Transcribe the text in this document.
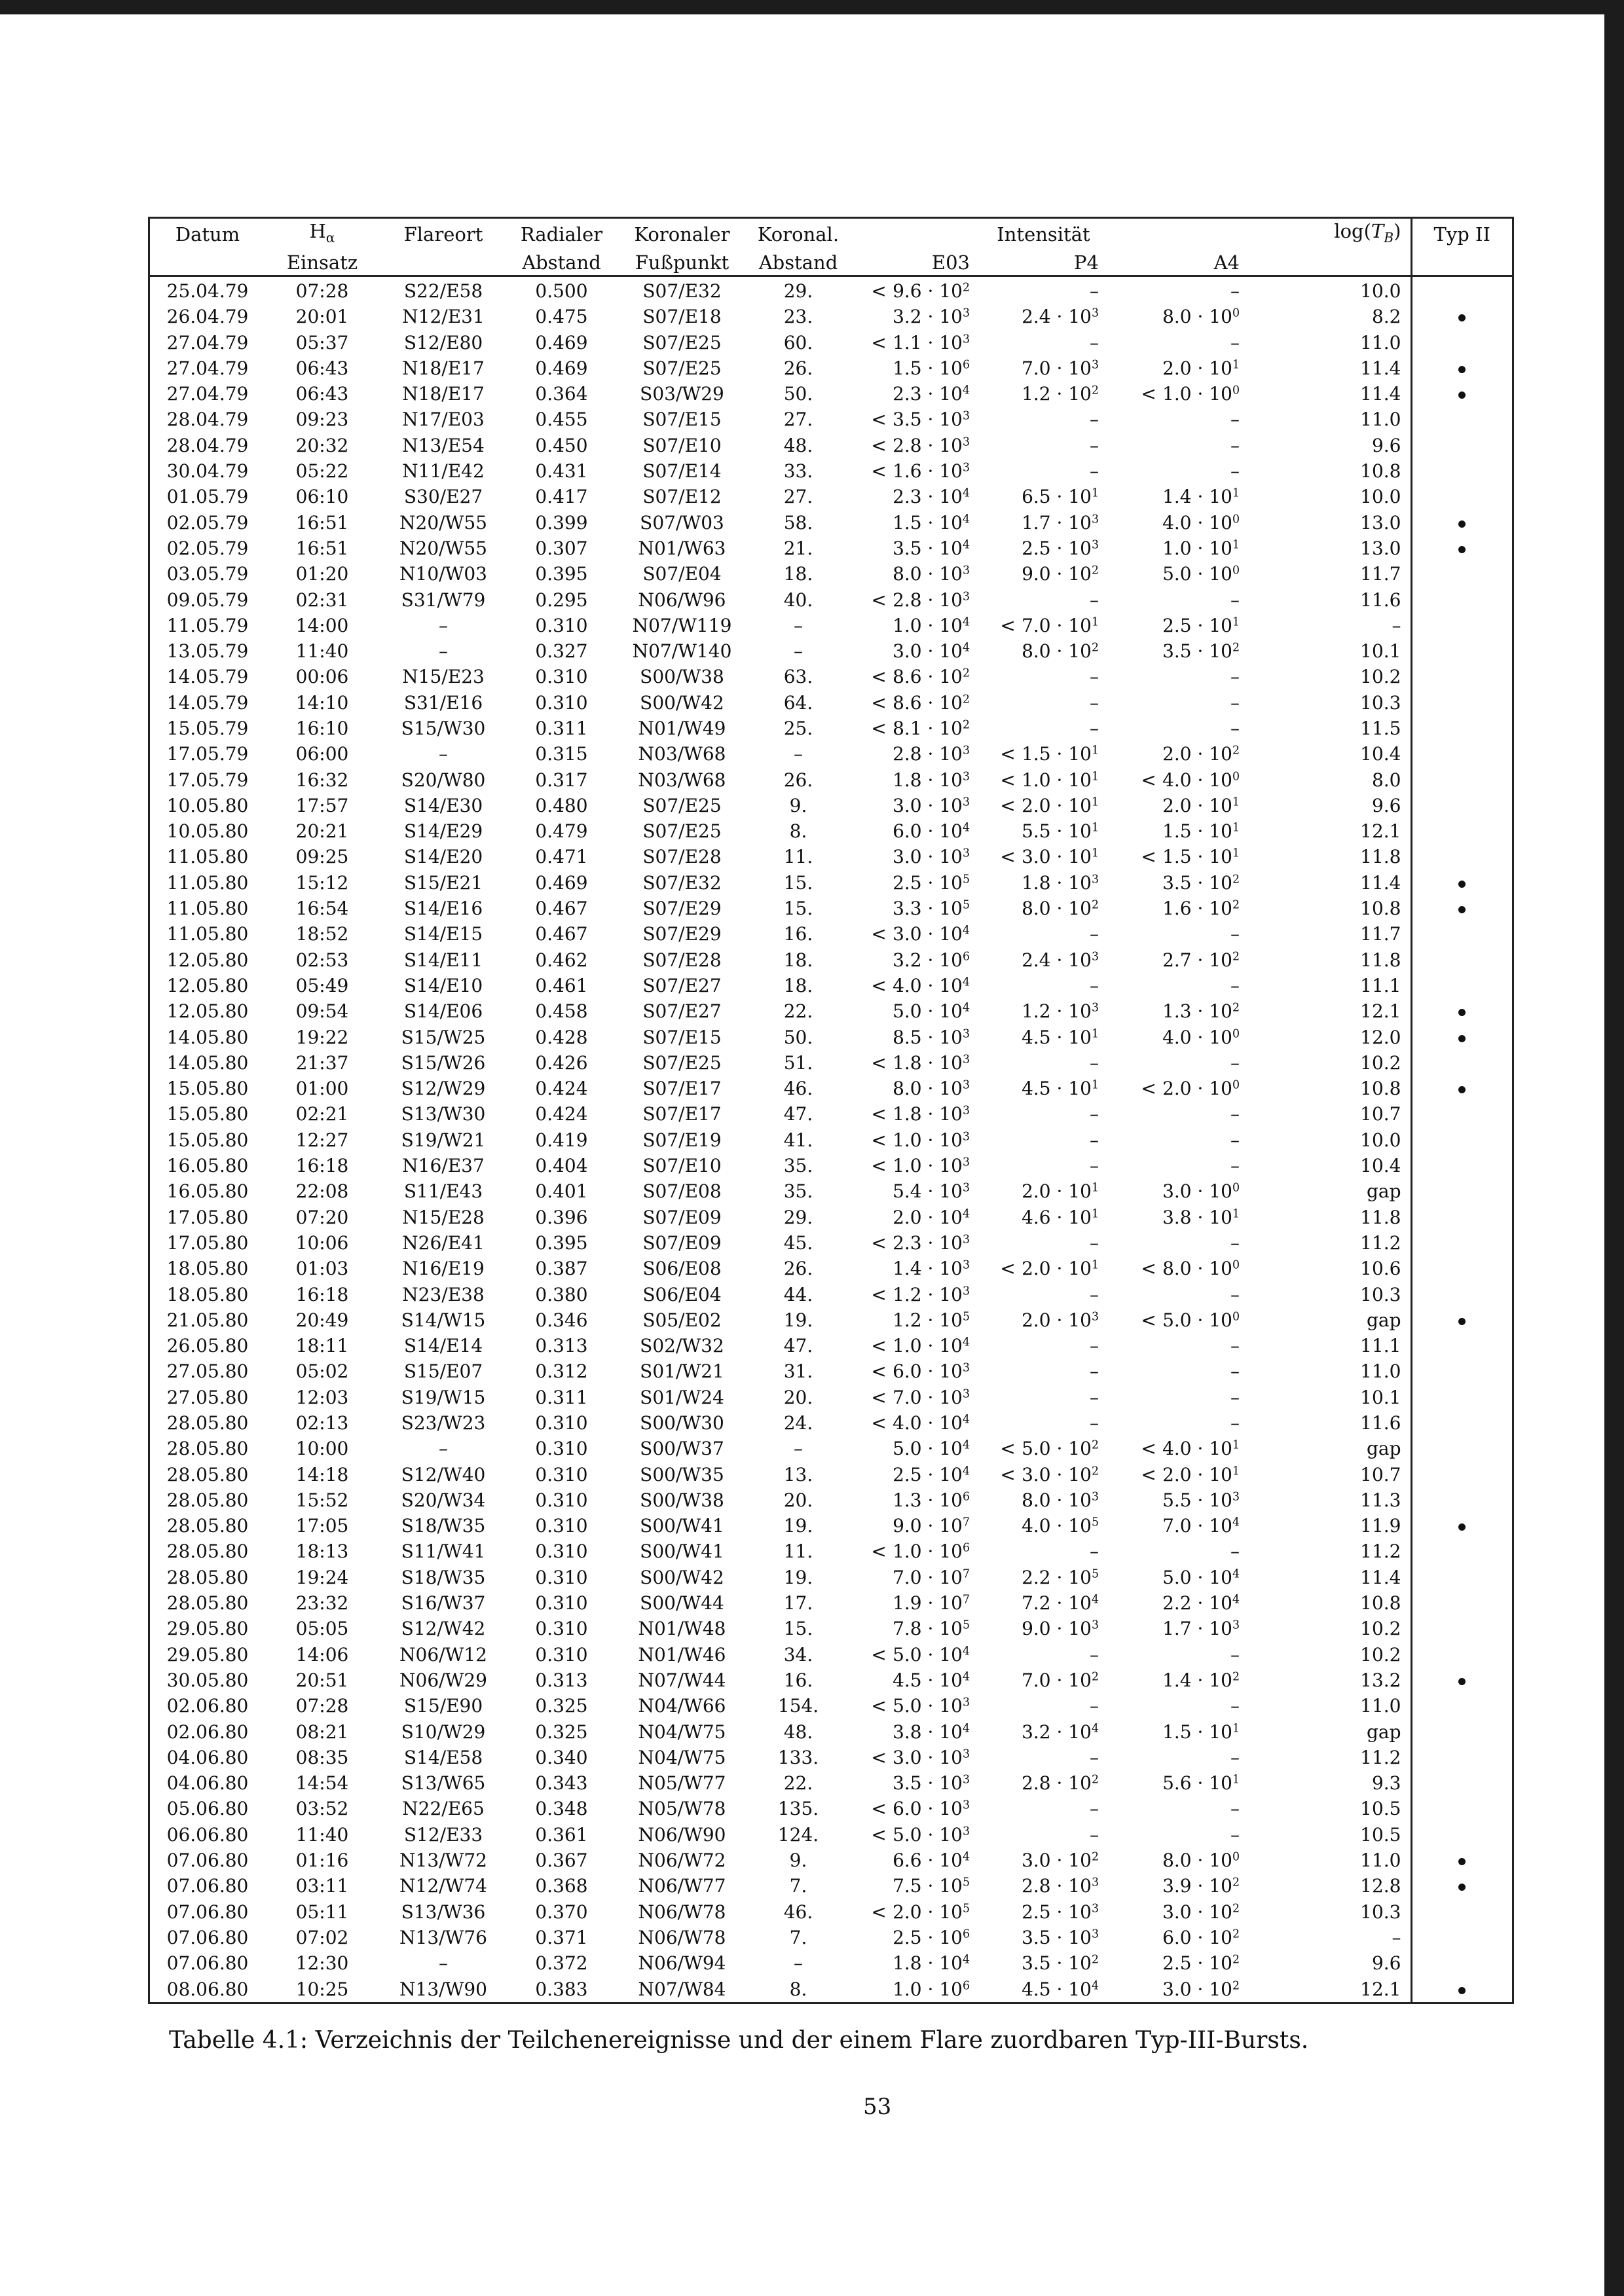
Datum	$H_\alpha$	Flareort	Radialer	Koronaler	Koronal.		Intensität		$\log(T_B)$	Typ II
	Einsatz		Abstand	Fußpunkt	Abstand	E03	P4	A4		
25.04.79	07:28	S22/E58	0.500	S07/E32	29.	< $9.6 \cdot 10^2$	–	–	10.0	
26.04.79	20:01	N12/E31	0.475	S07/E18	23.	$3.2 \cdot 10^3$	$2.4 \cdot 10^3$	$8.0 \cdot 10^0$	8.2	
27.04.79	05:37	S12/E80	0.469	S07/E25	60.	< $1.1 \cdot 10^3$	–	–	11.0	
27.04.79	06:43	N18/E17	0.469	S07/E25	26.	$1.5 \cdot 10^6$	$7.0 \cdot 10^3$	$2.0 \cdot 10^1$	11.4	
27.04.79	06:43	N18/E17	0.364	S03/W29	50.	$2.3 \cdot 10^4$	$1.2 \cdot 10^2$	< $1.0 \cdot 10^0$	11.4	
28.04.79	09:23	N17/E03	0.455	S07/E15	27.	< $3.5 \cdot 10^3$	–	–	11.0	
28.04.79	20:32	N13/E54	0.450	S07/E10	48.	< $2.8 \cdot 10^3$	–	–	9.6	
30.04.79	05:22	N11/E42	0.431	S07/E14	33.	< $1.6 \cdot 10^3$	–	–	10.8	
01.05.79	06:10	S30/E27	0.417	S07/E12	27.	$2.3 \cdot 10^4$	$6.5 \cdot 10^1$	$1.4 \cdot 10^1$	10.0	
02.05.79	16:51	N20/W55	0.399	S07/W03	58.	$1.5 \cdot 10^4$	$1.7 \cdot 10^3$	$4.0 \cdot 10^0$	13.0	
02.05.79	16:51	N20/W55	0.307	N01/W63	21.	$3.5 \cdot 10^4$	$2.5 \cdot 10^3$	$1.0 \cdot 10^1$	13.0	
03.05.79	01:20	N10/W03	0.395	S07/E04	18.	$8.0 \cdot 10^3$	$9.0 \cdot 10^2$	$5.0 \cdot 10^0$	11.7	
09.05.79	02:31	S31/W79	0.295	N06/W96	40.	< $2.8 \cdot 10^3$	–	–	11.6	
11.05.79	14:00	–	0.310	N07/W119	–	$1.0 \cdot 10^4$	< $7.0 \cdot 10^1$	$2.5 \cdot 10^1$	–	
13.05.79	11:40	–	0.327	N07/W140	–	$3.0 \cdot 10^4$	$8.0 \cdot 10^2$	$3.5 \cdot 10^2$	10.1	
14.05.79	00:06	N15/E23	0.310	S00/W38	63.	< $8.6 \cdot 10^2$	–	–	10.2	
14.05.79	14:10	S31/E16	0.310	S00/W42	64.	< $8.6 \cdot 10^2$	–	–	10.3	
15.05.79	16:10	S15/W30	0.311	N01/W49	25.	< $8.1 \cdot 10^2$	–	–	11.5	
17.05.79	06:00	–	0.315	N03/W68	–	$2.8 \cdot 10^3$	< $1.5 \cdot 10^1$	$2.0 \cdot 10^2$	10.4	
17.05.79	16:32	S20/W80	0.317	N03/W68	26.	$1.8 \cdot 10^3$	< $1.0 \cdot 10^1$	< $4.0 \cdot 10^0$	8.0	
10.05.80	17:57	S14/E30	0.480	S07/E25	9.	$3.0 \cdot 10^3$	< $2.0 \cdot 10^1$	$2.0 \cdot 10^1$	9.6	
10.05.80	20:21	S14/E29	0.479	S07/E25	8.	$6.0 \cdot 10^4$	$5.5 \cdot 10^1$	$1.5 \cdot 10^1$	12.1	
11.05.80	09:25	S14/E20	0.471	S07/E28	11.	$3.0 \cdot 10^3$	< $3.0 \cdot 10^1$	< $1.5 \cdot 10^1$	11.8	
11.05.80	15:12	S15/E21	0.469	S07/E32	15.	$2.5 \cdot 10^5$	$1.8 \cdot 10^3$	$3.5 \cdot 10^2$	11.4	
11.05.80	16:54	S14/E16	0.467	S07/E29	15.	$3.3 \cdot 10^5$	$8.0 \cdot 10^2$	$1.6 \cdot 10^2$	10.8	
11.05.80	18:52	S14/E15	0.467	S07/E29	16.	< $3.0 \cdot 10^4$	–	–	11.7	
12.05.80	02:53	S14/E11	0.462	S07/E28	18.	$3.2 \cdot 10^6$	$2.4 \cdot 10^3$	$2.7 \cdot 10^2$	11.8	
12.05.80	05:49	S14/E10	0.461	S07/E27	18.	< $4.0 \cdot 10^4$	–	–	11.1	
12.05.80	09:54	S14/E06	0.458	S07/E27	22.	$5.0 \cdot 10^4$	$1.2 \cdot 10^3$	$1.3 \cdot 10^2$	12.1	
14.05.80	19:22	S15/W25	0.428	S07/E15	50.	$8.5 \cdot 10^3$	$4.5 \cdot 10^1$	$4.0 \cdot 10^0$	12.0	
14.05.80	21:37	S15/W26	0.426	S07/E25	51.	< $1.8 \cdot 10^3$	–	–	10.2	
15.05.80	01:00	S12/W29	0.424	S07/E17	46.	$8.0 \cdot 10^3$	$4.5 \cdot 10^1$	< $2.0 \cdot 10^0$	10.8	
15.05.80	02:21	S13/W30	0.424	S07/E17	47.	< $1.8 \cdot 10^3$	–	–	10.7	
15.05.80	12:27	S19/W21	0.419	S07/E19	41.	< $1.0 \cdot 10^3$	–	–	10.0	
16.05.80	16:18	N16/E37	0.404	S07/E10	35.	< $1.0 \cdot 10^3$	–	–	10.4	
16.05.80	22:08	S11/E43	0.401	S07/E08	35.	$5.4 \cdot 10^3$	$2.0 \cdot 10^1$	$3.0 \cdot 10^0$	gap	
17.05.80	07:20	N15/E28	0.396	S07/E09	29.	$2.0 \cdot 10^4$	$4.6 \cdot 10^1$	$3.8 \cdot 10^1$	11.8	
17.05.80	10:06	N26/E41	0.395	S07/E09	45.	< $2.3 \cdot 10^3$	–	–	11.2	
18.05.80	01:03	N16/E19	0.387	S06/E08	26.	$1.4 \cdot 10^3$	< $2.0 \cdot 10^1$	< $8.0 \cdot 10^0$	10.6	
18.05.80	16:18	N23/E38	0.380	S06/E04	44.	< $1.2 \cdot 10^3$	–	–	10.3	
21.05.80	20:49	S14/W15	0.346	S05/E02	19.	$1.2 \cdot 10^5$	$2.0 \cdot 10^3$	< $5.0 \cdot 10^0$	gap	
26.05.80	18:11	S14/E14	0.313	S02/W32	47.	< $1.0 \cdot 10^4$	–	–	11.1	
27.05.80	05:02	S15/E07	0.312	S01/W21	31.	< $6.0 \cdot 10^3$	–	–	11.0	
27.05.80	12:03	S19/W15	0.311	S01/W24	20.	< $7.0 \cdot 10^3$	–	–	10.1	
28.05.80	02:13	S23/W23	0.310	S00/W30	24.	< $4.0 \cdot 10^4$	–	–	11.6	
28.05.80	10:00	–	0.310	S00/W37	–	$5.0 \cdot 10^4$	< $5.0 \cdot 10^2$	< $4.0 \cdot 10^1$	gap	
28.05.80	14:18	S12/W40	0.310	S00/W35	13.	$2.5 \cdot 10^4$	< $3.0 \cdot 10^2$	< $2.0 \cdot 10^1$	10.7	
28.05.80	15:52	S20/W34	0.310	S00/W38	20.	$1.3 \cdot 10^6$	$8.0 \cdot 10^3$	$5.5 \cdot 10^3$	11.3	
28.05.80	17:05	S18/W35	0.310	S00/W41	19.	$9.0 \cdot 10^7$	$4.0 \cdot 10^5$	$7.0 \cdot 10^4$	11.9	
28.05.80	18:13	S11/W41	0.310	S00/W41	11.	< $1.0 \cdot 10^6$	–	–	11.2	
28.05.80	19:24	S18/W35	0.310	S00/W42	19.	$7.0 \cdot 10^7$	$2.2 \cdot 10^5$	$5.0 \cdot 10^4$	11.4	
28.05.80	23:32	S16/W37	0.310	S00/W44	17.	$1.9 \cdot 10^7$	$7.2 \cdot 10^4$	$2.2 \cdot 10^4$	10.8	
29.05.80	05:05	S12/W42	0.310	N01/W48	15.	$7.8 \cdot 10^5$	$9.0 \cdot 10^3$	$1.7 \cdot 10^3$	10.2	
29.05.80	14:06	N06/W12	0.310	N01/W46	34.	< $5.0 \cdot 10^4$	–	–	10.2	
30.05.80	20:51	N06/W29	0.313	N07/W44	16.	$4.5 \cdot 10^4$	$7.0 \cdot 10^2$	$1.4 \cdot 10^2$	13.2	
02.06.80	07:28	S15/E90	0.325	N04/W66	154.	< $5.0 \cdot 10^3$	–	–	11.0	
02.06.80	08:21	S10/W29	0.325	N04/W75	48.	$3.8 \cdot 10^4$	$3.2 \cdot 10^4$	$1.5 \cdot 10^1$	gap	
04.06.80	08:35	S14/E58	0.340	N04/W75	133.	< $3.0 \cdot 10^3$	–	–	11.2	
04.06.80	14:54	S13/W65	0.343	N05/W77	22.	$3.5 \cdot 10^3$	$2.8 \cdot 10^2$	$5.6 \cdot 10^1$	9.3	
05.06.80	03:52	N22/E65	0.348	N05/W78	135.	< $6.0 \cdot 10^3$	–	–	10.5	
06.06.80	11:40	S12/E33	0.361	N06/W90	124.	< $5.0 \cdot 10^3$	–	–	10.5	
07.06.80	01:16	N13/W72	0.367	N06/W72	9.	$6.6 \cdot 10^4$	$3.0 \cdot 10^2$	$8.0 \cdot 10^0$	11.0	
07.06.80	03:11	N12/W74	0.368	N06/W77	7.	$7.5 \cdot 10^5$	$2.8 \cdot 10^3$	$3.9 \cdot 10^2$	12.8	
07.06.80	05:11	S13/W36	0.370	N06/W78	46.	< $2.0 \cdot 10^5$	$2.5 \cdot 10^3$	$3.0 \cdot 10^2$	10.3	
07.06.80	07:02	N13/W76	0.371	N06/W78	7.	$2.5 \cdot 10^6$	$3.5 \cdot 10^3$	$6.0 \cdot 10^2$	–	
07.06.80	12:30	–	0.372	N06/W94	–	$1.8 \cdot 10^4$	$3.5 \cdot 10^2$	$2.5 \cdot 10^2$	9.6	
08.06.80	10:25	N13/W90	0.383	N07/W84	8.	$1.0 \cdot 10^6$	$4.5 \cdot 10^4$	$3.0 \cdot 10^2$	12.1	
Tabelle 4.1: Verzeichnis der Teilchenereignisse und der einem Flare zuordbaren Typ-III-Bursts.
53
